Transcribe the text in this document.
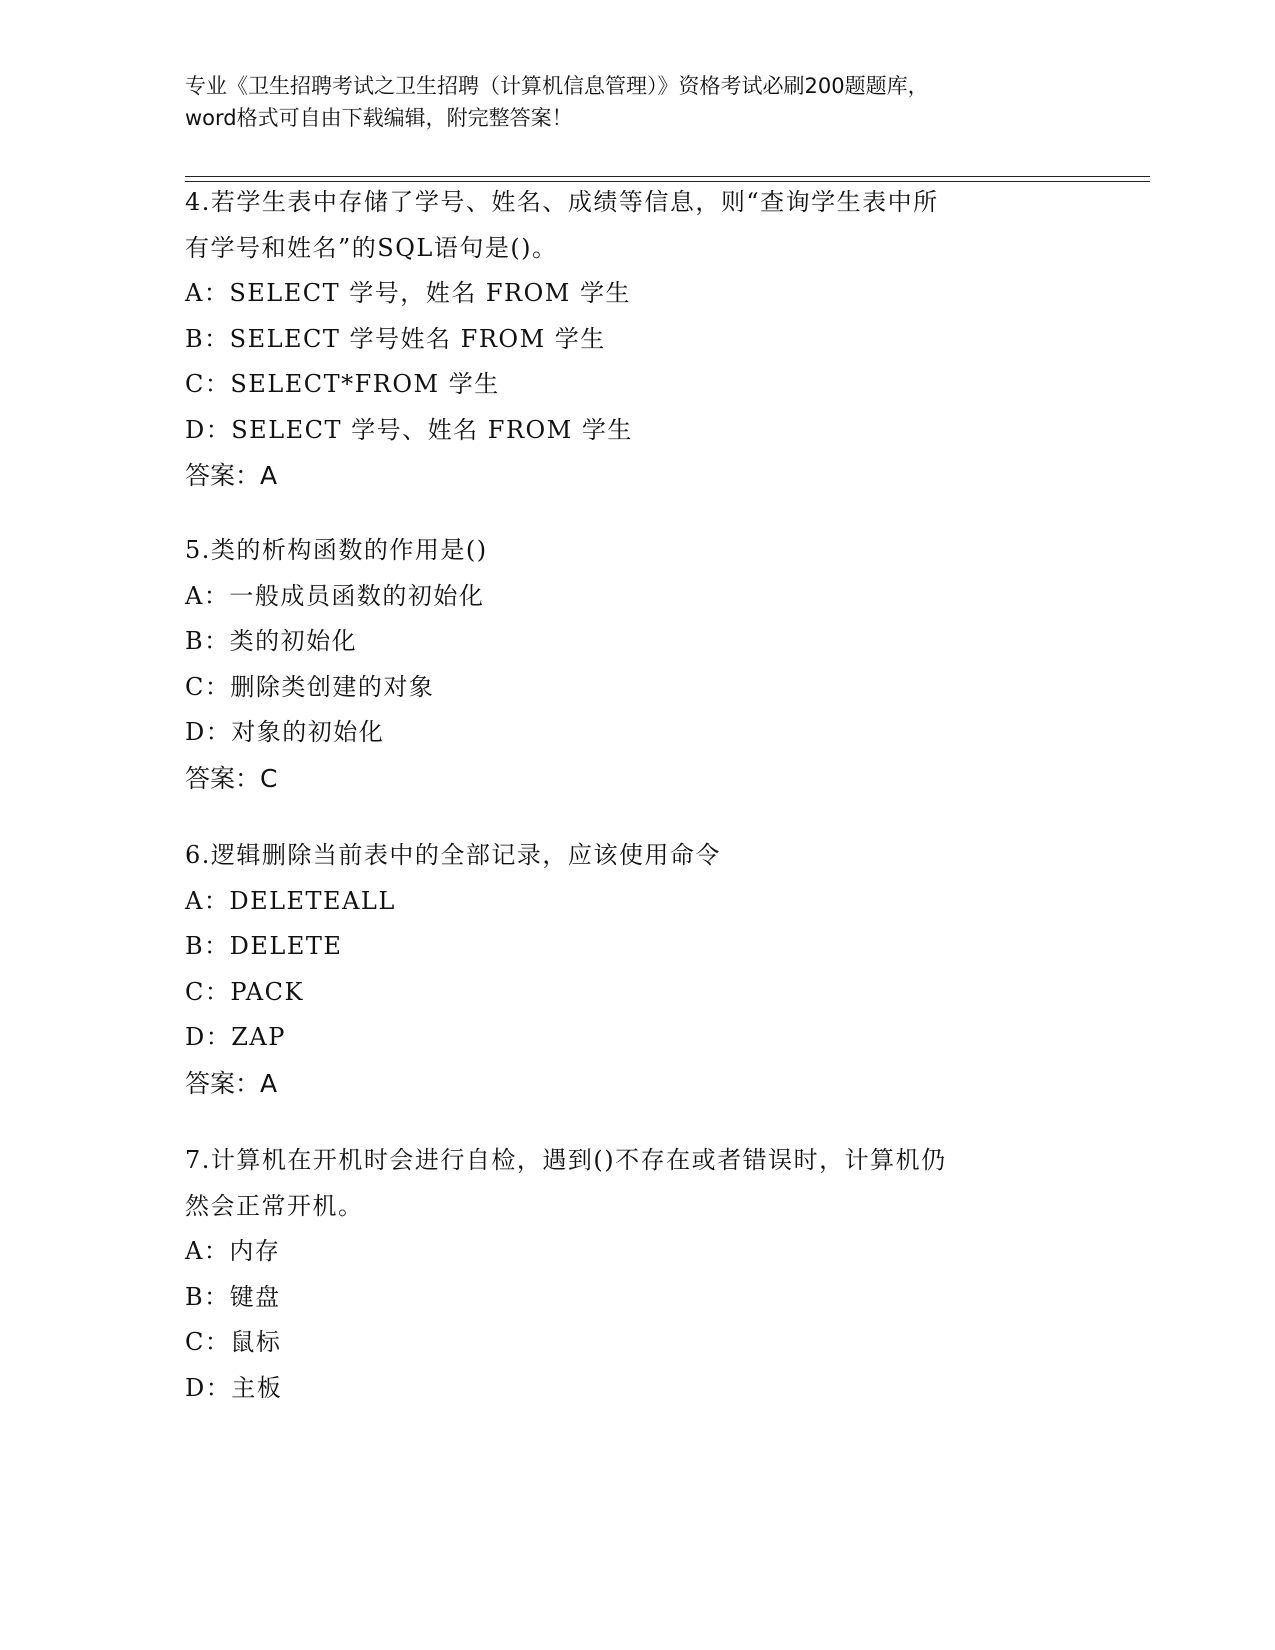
专业《卫生招聘考试之卫生招聘（计算机信息管理）》资格考试必刷200题题库，
word格式可自由下载编辑，附完整答案！
4.若学生表中存储了学号、姓名、成绩等信息，则“查询学生表中所
有学号和姓名”的SQL语句是()。
A：SELECT 学号，姓名 FROM 学生
B：SELECT 学号姓名 FROM 学生
C：SELECT*FROM 学生
D：SELECT 学号、姓名 FROM 学生
答案：A
5.类的析构函数的作用是()
A：一般成员函数的初始化
B：类的初始化
C：删除类创建的对象
D：对象的初始化
答案：C
6.逻辑删除当前表中的全部记录，应该使用命令
A：DELETEALL
B：DELETE
C：PACK
D：ZAP
答案：A
7.计算机在开机时会进行自检，遇到()不存在或者错误时，计算机仍
然会正常开机。
A：内存
B：键盘
C：鼠标
D：主板
